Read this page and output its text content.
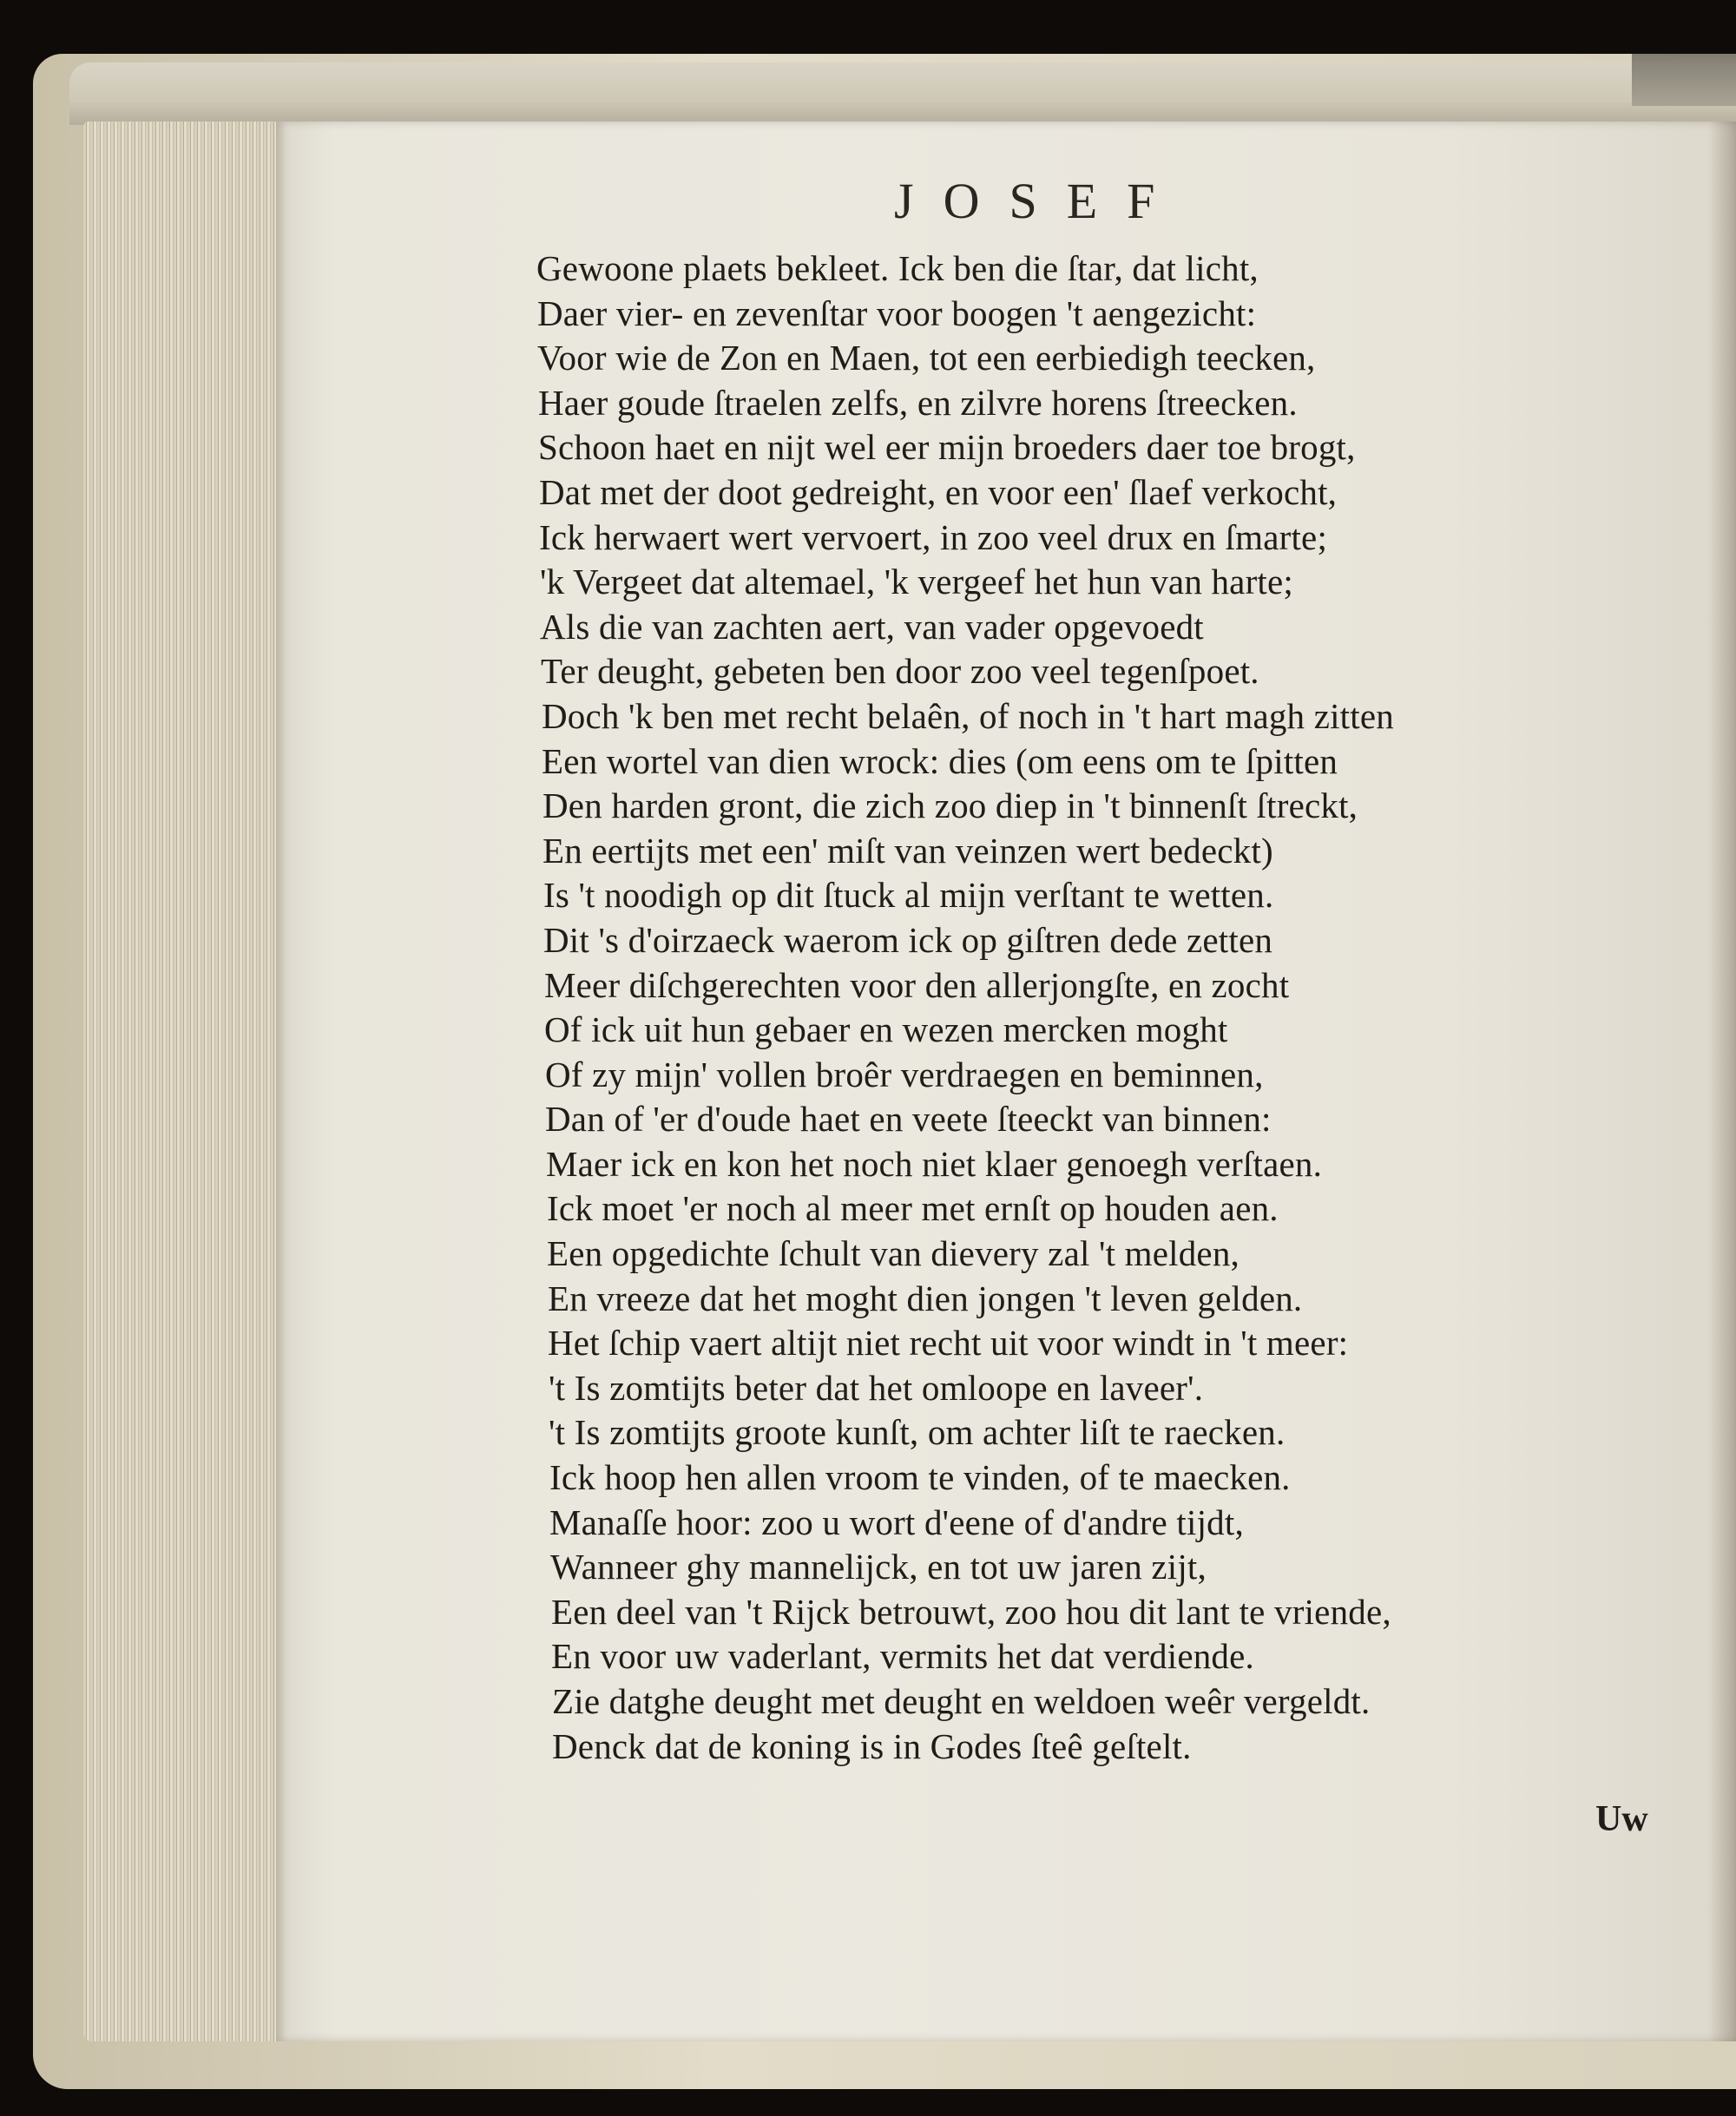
JOSEF
Gewoone plaets bekleet. Ick ben die ſtar, dat licht,
Daer vier- en zevenſtar voor boogen 't aengezicht:
Voor wie de Zon en Maen, tot een eerbiedigh teecken,
Haer goude ſtraelen zelfs, en zilvre horens ſtreecken.
Schoon haet en nijt wel eer mijn broeders daer toe brogt,
Dat met der doot gedreight, en voor een' ſlaef verkocht,
Ick herwaert wert vervoert, in zoo veel drux en ſmarte;
'k Vergeet dat altemael, 'k vergeef het hun van harte;
Als die van zachten aert, van vader opgevoedt
Ter deught, gebeten ben door zoo veel tegenſpoet.
Doch 'k ben met recht belaên, of noch in 't hart magh zitten
Een wortel van dien wrock: dies (om eens om te ſpitten
Den harden gront, die zich zoo diep in 't binnenſt ſtreckt,
En eertijts met een' miſt van veinzen wert bedeckt)
Is 't noodigh op dit ſtuck al mijn verſtant te wetten.
Dit 's d'oirzaeck waerom ick op giſtren dede zetten
Meer diſchgerechten voor den allerjongſte, en zocht
Of ick uit hun gebaer en wezen mercken moght
Of zy mijn' vollen broêr verdraegen en beminnen,
Dan of 'er d'oude haet en veete ſteeckt van binnen:
Maer ick en kon het noch niet klaer genoegh verſtaen.
Ick moet 'er noch al meer met ernſt op houden aen.
Een opgedichte ſchult van dievery zal 't melden,
En vreeze dat het moght dien jongen 't leven gelden.
Het ſchip vaert altijt niet recht uit voor windt in 't meer:
't Is zomtijts beter dat het omloope en laveer'.
't Is zomtijts groote kunſt, om achter liſt te raecken.
Ick hoop hen allen vroom te vinden, of te maecken.
Manaſſe hoor: zoo u wort d'eene of d'andre tijdt,
Wanneer ghy mannelijck, en tot uw jaren zijt,
Een deel van 't Rijck betrouwt, zoo hou dit lant te vriende,
En voor uw vaderlant, vermits het dat verdiende.
Zie datghe deught met deught en weldoen weêr vergeldt.
Denck dat de koning is in Godes ſteê geſtelt.
Uw
